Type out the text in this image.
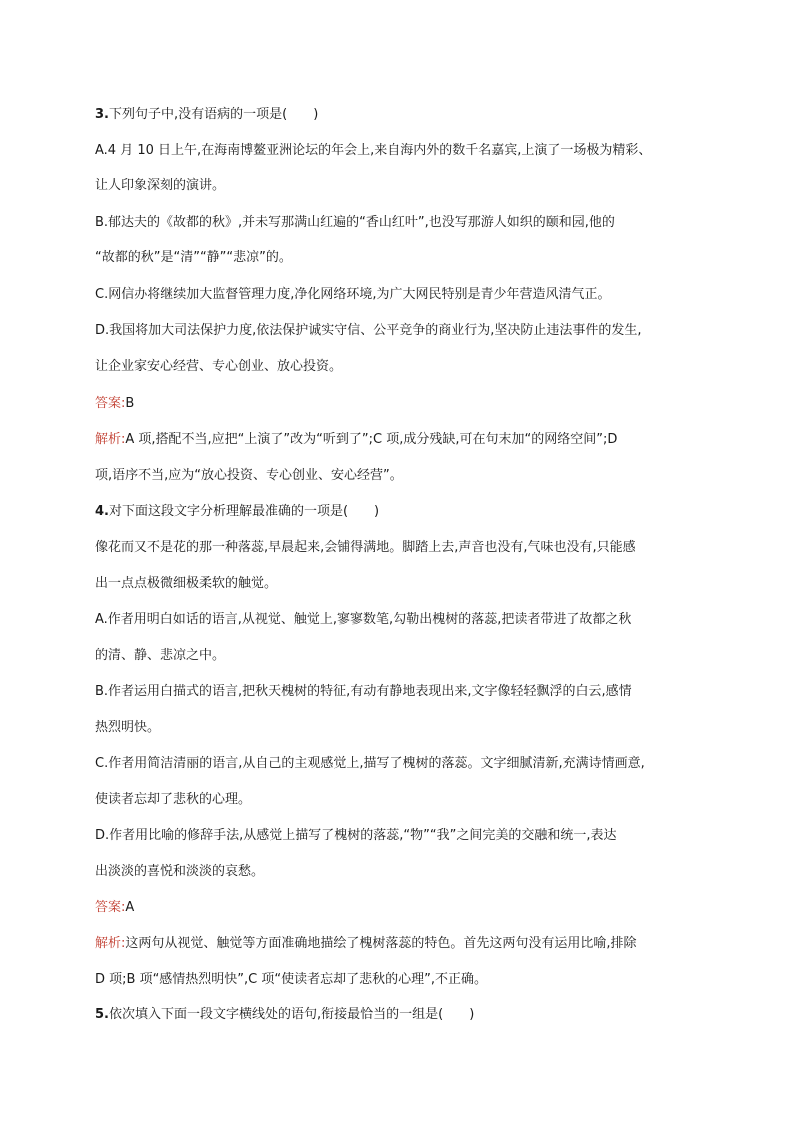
3.下列句子中,没有语病的一项是(　　)
A.4 月 10 日上午,在海南博鳌亚洲论坛的年会上,来自海内外的数千名嘉宾,上演了一场极为精彩、
让人印象深刻的演讲。
B.郁达夫的《故都的秋》,并未写那满山红遍的“香山红叶”,也没写那游人如织的颐和园,他的
“故都的秋”是“清”“静”“悲凉”的。
C.网信办将继续加大监督管理力度,净化网络环境,为广大网民特别是青少年营造风清气正。
D.我国将加大司法保护力度,依法保护诚实守信、公平竞争的商业行为,坚决防止违法事件的发生,
让企业家安心经营、专心创业、放心投资。
答案:B
解析:A 项,搭配不当,应把“上演了”改为“听到了”;C 项,成分残缺,可在句末加“的网络空间”;D
项,语序不当,应为“放心投资、专心创业、安心经营”。
4.对下面这段文字分析理解最准确的一项是(　　)
像花而又不是花的那一种落蕊,早晨起来,会铺得满地。脚踏上去,声音也没有,气味也没有,只能感
出一点点极微细极柔软的触觉。
A.作者用明白如话的语言,从视觉、触觉上,寥寥数笔,勾勒出槐树的落蕊,把读者带进了故都之秋
的清、静、悲凉之中。
B.作者运用白描式的语言,把秋天槐树的特征,有动有静地表现出来,文字像轻轻飘浮的白云,感情
热烈明快。
C.作者用简洁清丽的语言,从自己的主观感觉上,描写了槐树的落蕊。文字细腻清新,充满诗情画意,
使读者忘却了悲秋的心理。
D.作者用比喻的修辞手法,从感觉上描写了槐树的落蕊,“物”“我”之间完美的交融和统一,表达
出淡淡的喜悦和淡淡的哀愁。
答案:A
解析:这两句从视觉、触觉等方面准确地描绘了槐树落蕊的特色。首先这两句没有运用比喻,排除
D 项;B 项“感情热烈明快”,C 项“使读者忘却了悲秋的心理”,不正确。
5.依次填入下面一段文字横线处的语句,衔接最恰当的一组是(　　)
